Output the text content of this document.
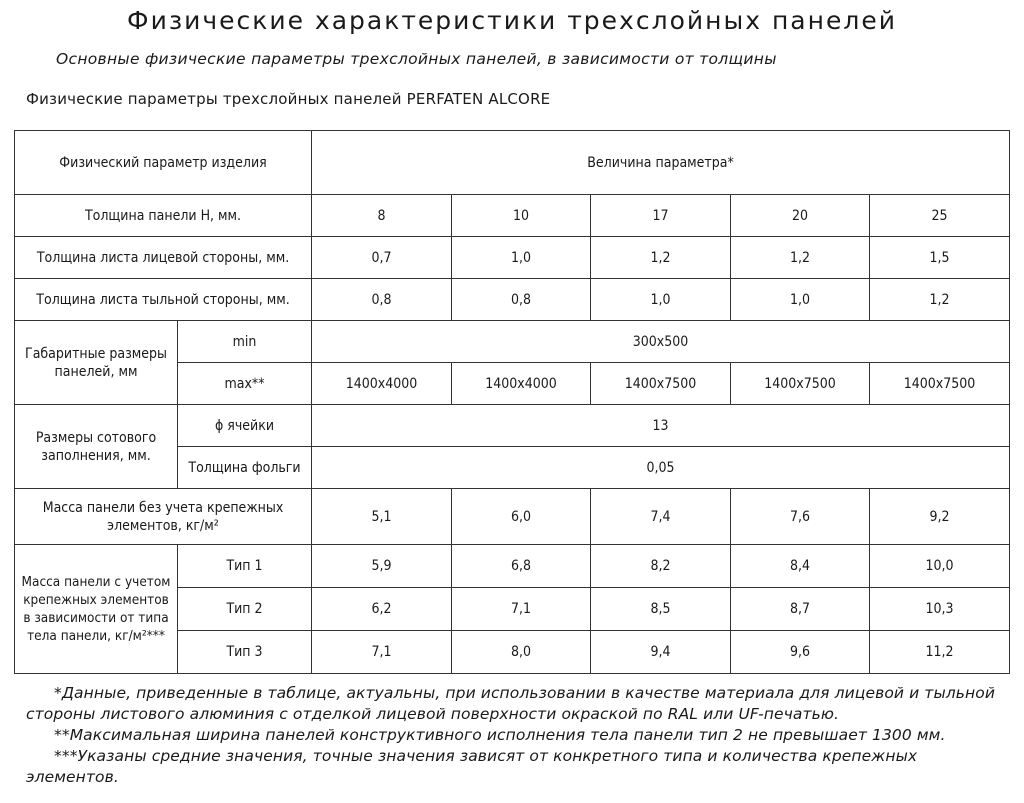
Физические характеристики трехслойных панелей
Основные физические параметры трехслойных панелей, в зависимости от толщины
Физические параметры трехслойных панелей PERFATEN ALCORE
Физический параметр изделия		Величина параметра*				
Толщина панели Н, мм.		8	10	17	20	25
Толщина листа лицевой стороны, мм.		0,7	1,0	1,2	1,2	1,5
Толщина листа тыльной стороны, мм.		0,8	0,8	1,0	1,0	1,2
Габаритные размеры панелей, мм	min	300x500				
	max**	1400x4000	1400x4000	1400x7500	1400x7500	1400x7500
Размеры сотового заполнения, мм.	ϕ ячейки	13				
	Толщина фольги	0,05				
Масса панели без учета крепежных элементов, кг/м²		5,1	6,0	7,4	7,6	9,2
Масса панели с учетом крепежных элементов в зависимости от типа тела панели, кг/м²***	Тип 1	5,9	6,8	8,2	8,4	10,0
	Тип 2	6,2	7,1	8,5	8,7	10,3
	Тип 3	7,1	8,0	9,4	9,6	11,2

*Данные, приведенные в таблице, актуальны, при использовании в качестве материала для лицевой и тыльной стороны листового алюминия с отделкой лицевой поверхности окраской по RAL или UF-печатью.

**Максимальная ширина панелей конструктивного исполнения тела панели тип 2 не превышает 1300 мм.

***Указаны средние значения, точные значения зависят от конкретного типа и количества крепежных элементов.
